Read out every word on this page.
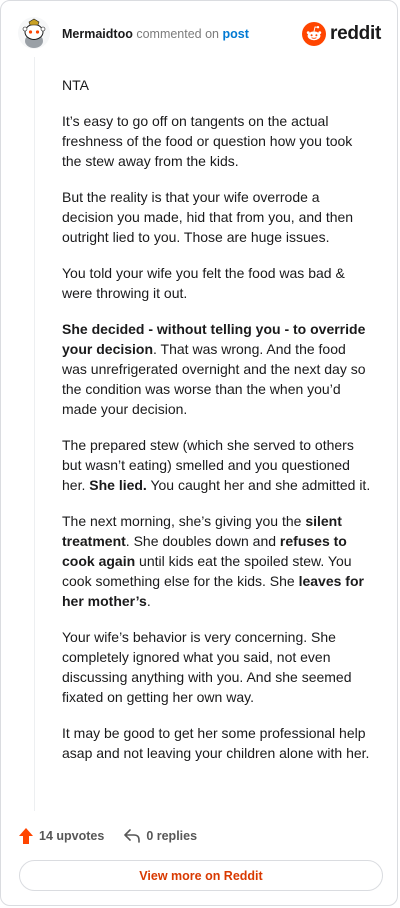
Mermaidtoo commented on post	reddit

NTA

It’s easy to go off on tangents on the actual freshness of the food or question how you took the stew away from the kids.

But the reality is that your wife overrode a decision you made, hid that from you, and then outright lied to you. Those are huge issues.

You told your wife you felt the food was bad & were throwing it out.

She decided - without telling you - to override your decision. That was wrong. And the food was unrefrigerated overnight and the next day so the condition was worse than the when you’d made your decision.

The prepared stew (which she served to others but wasn’t eating) smelled and you questioned her. She lied. You caught her and she admitted it.

The next morning, she’s giving you the silent treatment. She doubles down and refuses to cook again until kids eat the spoiled stew. You cook something else for the kids. She leaves for her mother’s.

Your wife’s behavior is very concerning. She completely ignored what you said, not even discussing anything with you. And she seemed fixated on getting her own way.

It may be good to get her some professional help asap and not leaving your children alone with her.

14 upvotes	0 replies
View more on Reddit
